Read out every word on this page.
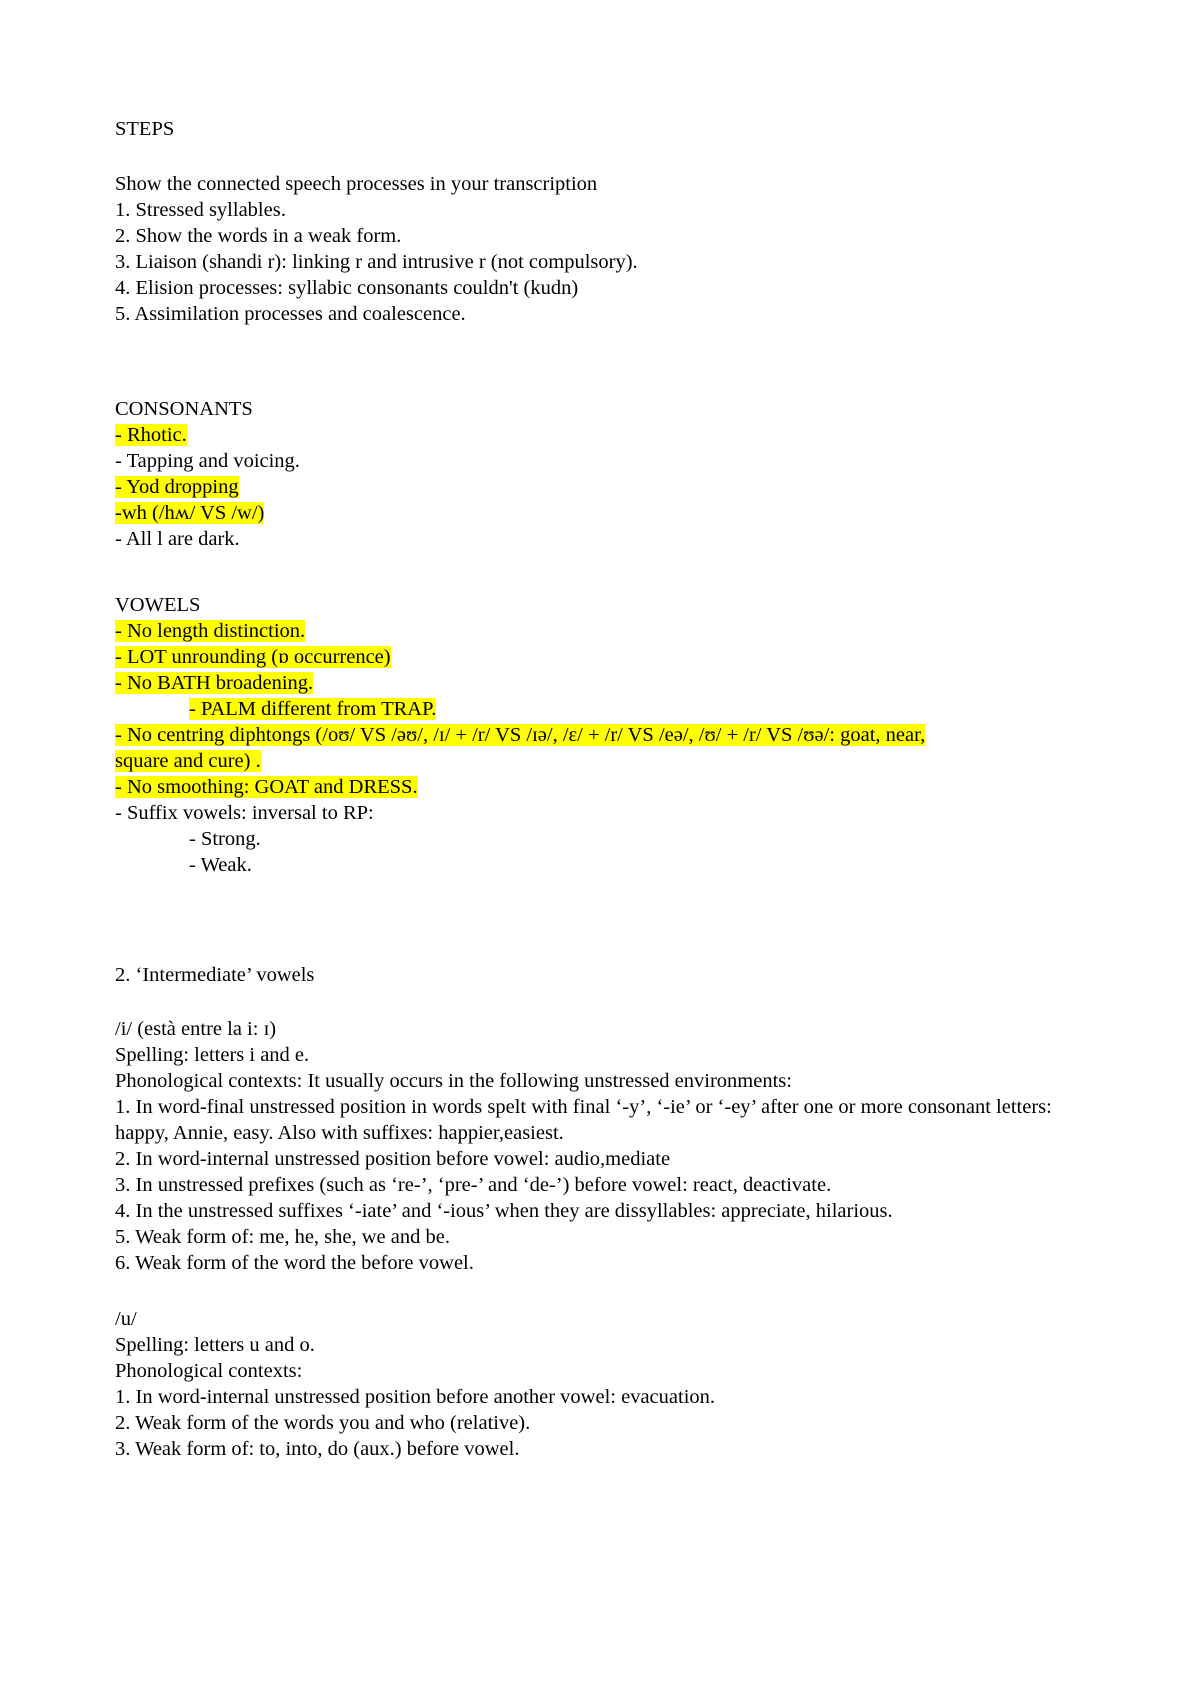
STEPS
Show the connected speech processes in your transcription
1. Stressed syllables.
2. Show the words in a weak form.
3. Liaison (shandi r): linking r and intrusive r (not compulsory).
4. Elision processes: syllabic consonants couldn't (kudn)
5. Assimilation processes and coalescence.
CONSONANTS
- Rhotic.
- Tapping and voicing.
- Yod dropping
-wh (/hʍ/ VS /w/)
- All l are dark.
VOWELS
- No length distinction.
- LOT unrounding (ɒ occurrence)
- No BATH broadening.
- PALM different from TRAP.
- No centring diphtongs (/oʊ/ VS /əʊ/, /ɪ/ + /r/ VS /ɪə/, /ɛ/ + /r/ VS /eə/, /ʊ/ + /r/ VS /ʊə/: goat, near,
square and cure) .
- No smoothing: GOAT and DRESS.
- Suffix vowels: inversal to RP:
- Strong.
- Weak.
2. ‘Intermediate’ vowels
/i/ (està entre la i: ɪ)
Spelling: letters i and e.
Phonological contexts: It usually occurs in the following unstressed environments:
1. In word-final unstressed position in words spelt with final ‘-y’, ‘-ie’ or ‘-ey’ after one or more consonant letters: happy, Annie, easy. Also with suffixes: happier,easiest.
2. In word-internal unstressed position before vowel: audio,mediate
3. In unstressed prefixes (such as ‘re-’, ‘pre-’ and ‘de-’) before vowel: react, deactivate.
4. In the unstressed suffixes ‘-iate’ and ‘-ious’ when they are dissyllables: appreciate, hilarious.
5. Weak form of: me, he, she, we and be.
6. Weak form of the word the before vowel.
/u/
Spelling: letters u and o.
Phonological contexts:
1. In word-internal unstressed position before another vowel: evacuation.
2. Weak form of the words you and who (relative).
3. Weak form of: to, into, do (aux.) before vowel.
